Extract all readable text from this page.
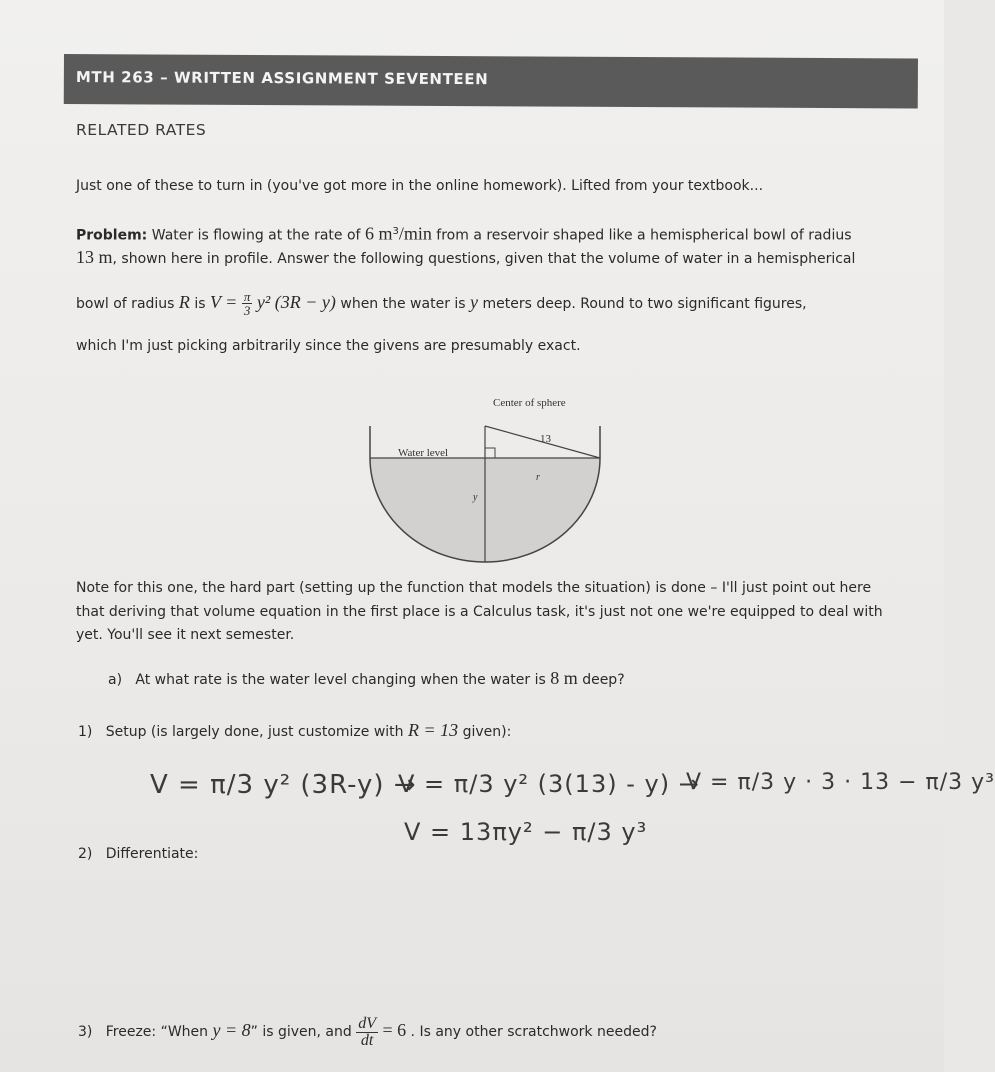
MTH 263 – WRITTEN ASSIGNMENT SEVENTEEN
RELATED RATES
Just one of these to turn in (you've got more in the online homework). Lifted from your textbook...
Problem: Water is flowing at the rate of 6 $m^3/\min$ from a reservoir shaped like a hemispherical bowl of radius
13 m, shown here in profile. Answer the following questions, given that the volume of water in a hemispherical
bowl of radius R is $V = \frac{\pi}{3} y^2$ (3R − y) when the water is y meters deep. Round to two significant figures,
which I'm just picking arbitrarily since the givens are presumably exact.
Center of sphere
13
Water level
r
y
Note for this one, the hard part (setting up the function that models the situation) is done – I'll just point out here
that deriving that volume equation in the first place is a Calculus task, it's just not one we're equipped to deal with
yet. You'll see it next semester.
a) At what rate is the water level changing when the water is 8 m deep?
1) Setup (is largely done, just customize with R = 13 given):
V = π/3 y² (3R-y) →
V = π/3 y² (3(13) - y) →
V = π/3 y · 3 · 13 − π/3 y³
V = 13πy² − π/3 y³
2) Differentiate:
3) Freeze: “When y = 8” is given, and $\frac{dV}{dt} = 6$ . Is any other scratchwork needed?
